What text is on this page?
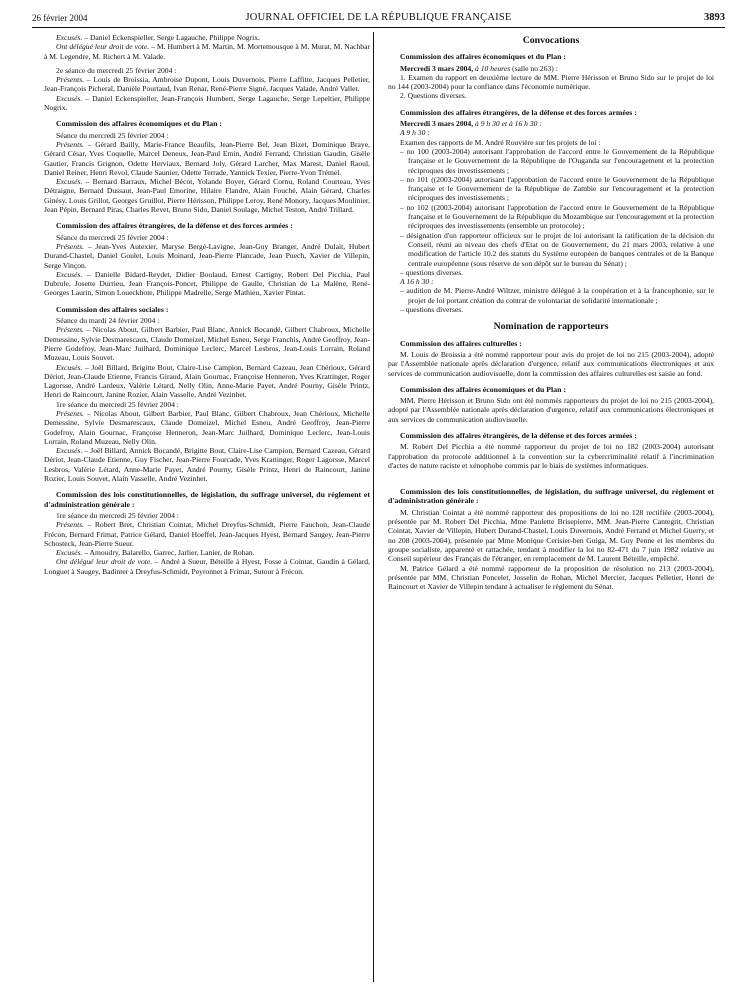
26 février 2004	JOURNAL OFFICIEL DE LA RÉPUBLIQUE FRANÇAISE	3893

Excusés. – Daniel Eckenspieller, Serge Lagauche, Philippe Nogrix.

Ont délégué leur droit de vote. – M. Humbert à M. Martin, M. Mortemousque à M. Murat, M. Nachbar à M. Legendre, M. Richert à M. Valade.

2e séance du mercredi 25 février 2004 :

Présents. – Louis de Broissia, Ambroise Dupont, Louis Duvernois, Pierre Laffitte, Jacques Pelletier, Jean-François Picheral, Danièle Pourtaud, Ivan Renar, René-Pierre Signé, Jacques Valade, André Vallet.

Excusés. – Daniel Eckenspieller, Jean-François Humbert, Serge Lagauche, Serge Lepeltier, Philippe Nogrix.

Commission des affaires économiques et du Plan :

Séance du mercredi 25 février 2004 :

Présents. – Gérard Bailly, Marie-France Beaufils, Jean-Pierre Bel, Jean Bizet, Dominique Braye, Gérard César, Yves Coquelle, Marcel Deneux, Jean-Paul Emin, André Ferrand, Christian Gaudin, Gisèle Gautier, Francis Grignon, Odette Herviaux, Bernard Joly, Gérard Larcher, Max Marest, Daniel Raoul, Daniel Reiner, Henri Revol, Claude Saunier, Odette Terrade, Yannick Texier, Pierre-Yvon Trémel.

Excusés. – Bernard Barraux, Michel Bécot, Yolande Boyer, Gérard Cornu, Roland Courteau, Yves Détraigne, Bernard Dussaut, Jean-Paul Emorine, Hilaire Flandre, Alain Fouché, Alain Gérard, Charles Ginésy, Louis Grillot, Georges Gruillot, Pierre Hérisson, Philippe Leroy, René Monory, Jacques Moulinier, Jean Pépin, Bernard Piras, Charles Revet, Bruno Sido, Daniel Soulage, Michel Teston, André Trillard.

Commission des affaires étrangères, de la défense et des forces armées :

Séance du mercredi 25 février 2004 :

Présents. – Jean-Yves Autexier, Maryse Bergé-Lavigne, Jean-Guy Branger, André Dulait, Hubert Durand-Chastel, Daniel Goulet, Louis Moinard, Jean-Pierre Plancade, Jean Puech, Xavier de Villepin, Serge Vinçon.

Excusés. – Danielle Bidard-Reydet, Didier Boulaud, Ernest Cartigny, Robert Del Picchia, Paul Dubrule, Josette Durrieu, Jean François-Poncet, Philippe de Gaulle, Christian de La Malène, René-Georges Laurin, Simon Loueckhote, Philippe Madrelle, Serge Mathieu, Xavier Pintat.

Commission des affaires sociales :

Séance du mardi 24 février 2004 :

Présents. – Nicolas About, Gilbert Barbier, Paul Blanc, Annick Bocandé, Gilbert Chabroux, Michelle Demessine, Sylvie Desmarescaux, Claude Domeizel, Michel Esneu, Serge Franchis, André Geoffroy, Jean-Pierre Godefroy, Jean-Marc Juilhard, Dominique Leclerc, Marcel Lesbros, Jean-Louis Lorrain, Roland Muzeau, Louis Souvet.

Excusés. – Joël Billard, Brigitte Bout, Claire-Lise Campion, Bernard Cazeau, Jean Chérioux, Gérard Dériot, Jean-Claude Etienne, Francis Giraud, Alain Gournac, Françoise Henneron, Yves Krattinger, Roger Lagorsse, André Lardeux, Valérie Létard, Nelly Olin, Anne-Marie Payet, André Pourny, Gisèle Printz, Henri de Raincourt, Janine Rozier, Alain Vasselle, André Vezinhet.

1re séance du mercredi 25 février 2004 :

Présents. – Nicolas About, Gilbert Barbier, Paul Blanc, Gilbert Chabroux, Jean Chérioux, Michelle Demessine, Sylvie Desmarescaux, Claude Domeizel, Michel Esneu, André Geoffroy, Jean-Pierre Godefroy, Alain Gournac, Françoise Henneron, Jean-Marc Juilhard, Dominique Leclerc, Jean-Louis Lorrain, Roland Muzeau, Nelly Olin.

Excusés. – Joël Billard, Annick Bocandé, Brigitte Bout, Claire-Lise Campion, Bernard Cazeau, Gérard Dériot, Jean-Claude Etienne, Guy Fischer, Jean-Pierre Fourcade, Yves Krattinger, Roger Lagorsse, Marcel Lesbros, Valérie Létard, Anne-Marie Payet, André Pourny, Gisèle Printz, Henri de Raincourt, Janine Rozier, Louis Souvet, Alain Vasselle, André Vezinhet.

Commission des lois constitutionnelles, de législation, du suffrage universel, du règlement et d'administration générale :

1re séance du mercredi 25 février 2004 :

Présents. – Robert Bret, Christian Cointat, Michel Dreyfus-Schmidt, Pierre Fauchon, Jean-Claude Frécon, Bernard Frimat, Patrice Gélard, Daniel Hoeffel, Jean-Jacques Hyest, Bernard Saugey, Jean-Pierre Schosteck, Jean-Pierre Sueur.

Excusés. – Amoudry, Balarello, Garrec, Jarlier, Lanier, de Rohan.

Ont délégué leur droit de vote. – André à Sueur, Béteille à Hyest, Fosse à Cointat, Gaudin à Gélard, Longuet à Saugey, Badinter à Dreyfus-Schmidt, Peyronnet à Frimat, Sutour à Frécon.

Convocations
Commission des affaires économiques et du Plan :

Mercredi 3 mars 2004, à 10 heures (salle no 263) :

1. Examen du rapport en deuxième lecture de MM. Pierre Hérisson et Bruno Sido sur le projet de loi no 144 (2003-2004) pour la confiance dans l'économie numérique.

2. Questions diverses.

Commission des affaires étrangères, de la défense et des forces armées :

Mercredi 3 mars 2004, à 9 h 30 et à 16 h 30 :

A 9 h 30 :

Examen des rapports de M. André Rouvière sur les projets de loi :

– no 100 (2003-2004) autorisant l'approbation de l'accord entre le Gouvernement de la République française et le Gouvernement de la République de l'Ouganda sur l'encouragement et la protection réciproques des investissements ;
– no 101 ((2003-2004) autorisant l'approbation de l'accord entre le Gouvernement de la République française et le Gouvernement de la République de Zambie sur l'encouragement et la protection réciproques des investissements ;
– no 102 ((2003-2004) autorisant l'approbation de l'accord entre le Gouvernement de la République française et le Gouvernement de la République du Mozambique sur l'encouragement et la protection réciproques des investissements (ensemble un protocole) ;
– désignation d'un rapporteur officieux sur le projet de loi autorisant la ratification de la décision du Conseil, réuni au niveau des chefs d'Etat ou de Gouvernement, du 21 mars 2003, relative à une modification de l'article 10.2 des statuts du Système européen de banques centrales et de la Banque centrale européenne (sous réserve de son dépôt sur le bureau du Sénat) ;
– questions diverses.

A 16 h 30 :

– audition de M. Pierre-André Wiltzer, ministre délégué à la coopération et à la francophonie, sur le projet de loi portant création du contrat de volontariat de solidarité internationale ;
– questions diverses.
Nomination de rapporteurs
Commission des affaires culturelles :

M. Louis de Broissia a été nommé rapporteur pour avis du projet de loi no 215 (2003-2004), adopté par l'Assemblée nationale après déclaration d'urgence, relatif aux communications électroniques et aux services de communication audiovisuelle, dont la commission des affaires culturelles est saisie au fond.

Commission des affaires économiques et du Plan :

MM. Pierre Hérisson et Bruno Sido ont été nommés rapporteurs du projet de loi no 215 (2003-2004), adopté par l'Assemblée nationale après déclaration d'urgence, relatif aux communications électroniques et aux services de communication audiovisuelle.

Commission des affaires étrangères, de la défense et des forces armées :

M. Robert Del Picchia a été nommé rapporteur du projet de loi no 182 (2003-2004) autorisant l'approbation du protocole additionnel à la convention sur la cybercriminalité relatif à l'incrimination d'actes de nature raciste et xénophobe commis par le biais de systèmes informatiques.

Commission des lois constitutionnelles, de législation, du suffrage universel, du règlement et d'administration générale :

M. Christian Cointat a été nommé rapporteur des propositions de loi no 128 rectifiée (2003-2004), présentée par M. Robert Del Picchia, Mme Paulette Brisepierre, MM. Jean-Pierre Cantegrit, Christian Cointat, Xavier de Villepin, Hubert Durand-Chastel, Louis Duvernois, André Ferrand et Michel Guerry, et no 208 (2003-2004), présentée par Mme Monique Cerisier-ben Guiga, M. Guy Penne et les membres du groupe socialiste, apparenté et rattachée, tendant à modifier la loi no 82-471 du 7 juin 1982 relative au Conseil supérieur des Français de l'étranger, en remplacement de M. Laurent Béteille, empêché.

M. Patrice Gélard a été nommé rapporteur de la proposition de résolution no 213 (2003-2004), présentée par MM. Christian Poncelet, Josselin de Rohan, Michel Mercier, Jacques Pelletier, Henri de Raincourt et Xavier de Villepin tendant à actualiser le règlement du Sénat.
